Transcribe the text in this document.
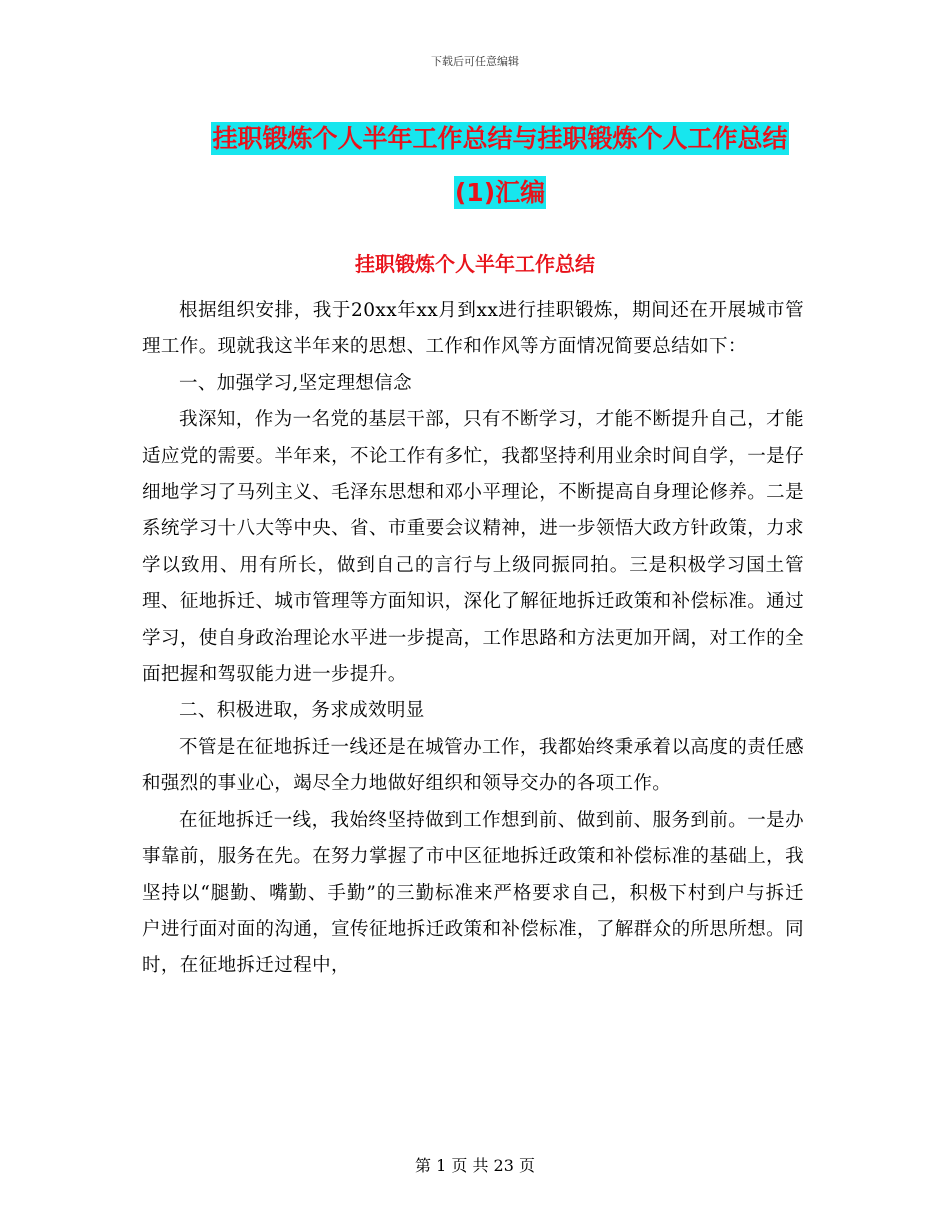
下载后可任意编辑
挂职锻炼个人半年工作总结与挂职锻炼个人工作总结
(1)汇编
挂职锻炼个人半年工作总结

根据组织安排，我于20xx年xx月到xx进行挂职锻炼，期间还在开展城市管理工作。现就我这半年来的思想、工作和作风等方面情况简要总结如下：

一、加强学习,坚定理想信念

我深知，作为一名党的基层干部，只有不断学习，才能不断提升自己，才能适应党的需要。半年来，不论工作有多忙，我都坚持利用业余时间自学，一是仔细地学习了马列主义、毛泽东思想和邓小平理论，不断提高自身理论修养。二是系统学习十八大等中央、省、市重要会议精神，进一步领悟大政方针政策，力求学以致用、用有所长，做到自己的言行与上级同振同拍。三是积极学习国土管理、征地拆迁、城市管理等方面知识，深化了解征地拆迁政策和补偿标准。通过学习，使自身政治理论水平进一步提高，工作思路和方法更加开阔，对工作的全面把握和驾驭能力进一步提升。

二、积极进取，务求成效明显

不管是在征地拆迁一线还是在城管办工作，我都始终秉承着以高度的责任感和强烈的事业心，竭尽全力地做好组织和领导交办的各项工作。

在征地拆迁一线，我始终坚持做到工作想到前、做到前、服务到前。一是办事靠前，服务在先。在努力掌握了市中区征地拆迁政策和补偿标准的基础上，我坚持以“腿勤、嘴勤、手勤”的三勤标准来严格要求自己，积极下村到户与拆迁户进行面对面的沟通，宣传征地拆迁政策和补偿标准，了解群众的所思所想。同时，在征地拆迁过程中，

第 1 页 共 23 页
